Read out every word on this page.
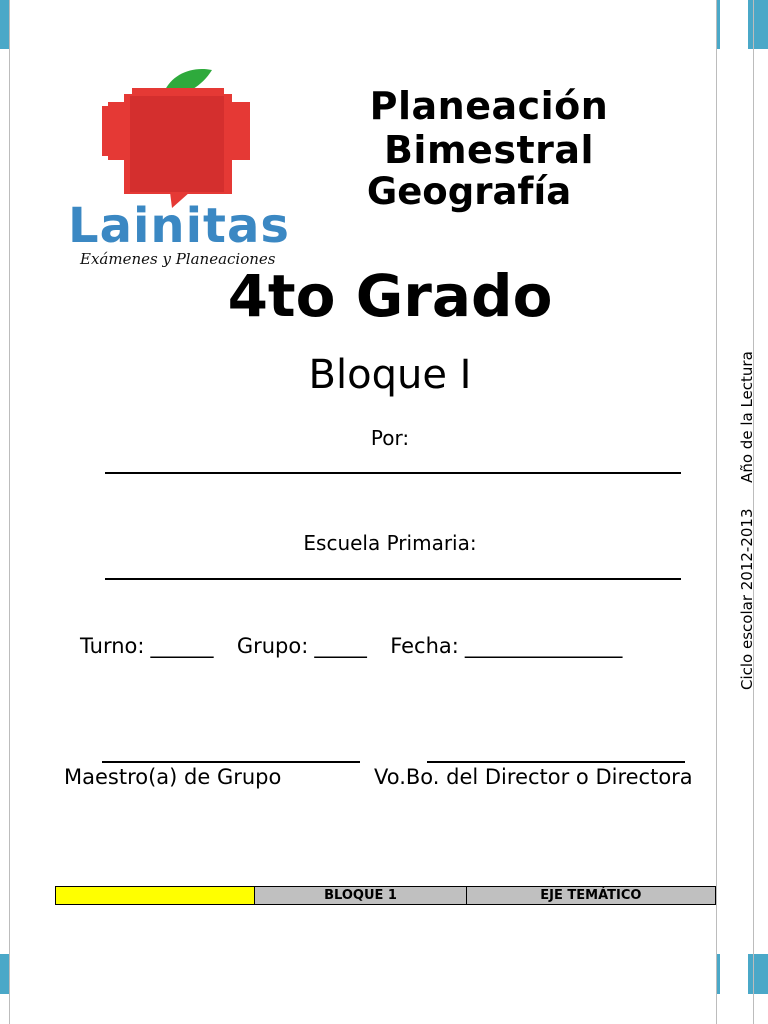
Lainitas
Exámenes y Planeaciones
Planeación Bimestral
Geografía
4to Grado
Bloque I
Por:
Escuela Primaria:
Turno: ______ Grupo: _____ Fecha: _______________
Maestro(a) de Grupo	Vo.Bo. del Director o Directora
Ciclo escolar 2012-2013  Año de la Lectura
BLOQUE 1	EJE TEMÁTICO
